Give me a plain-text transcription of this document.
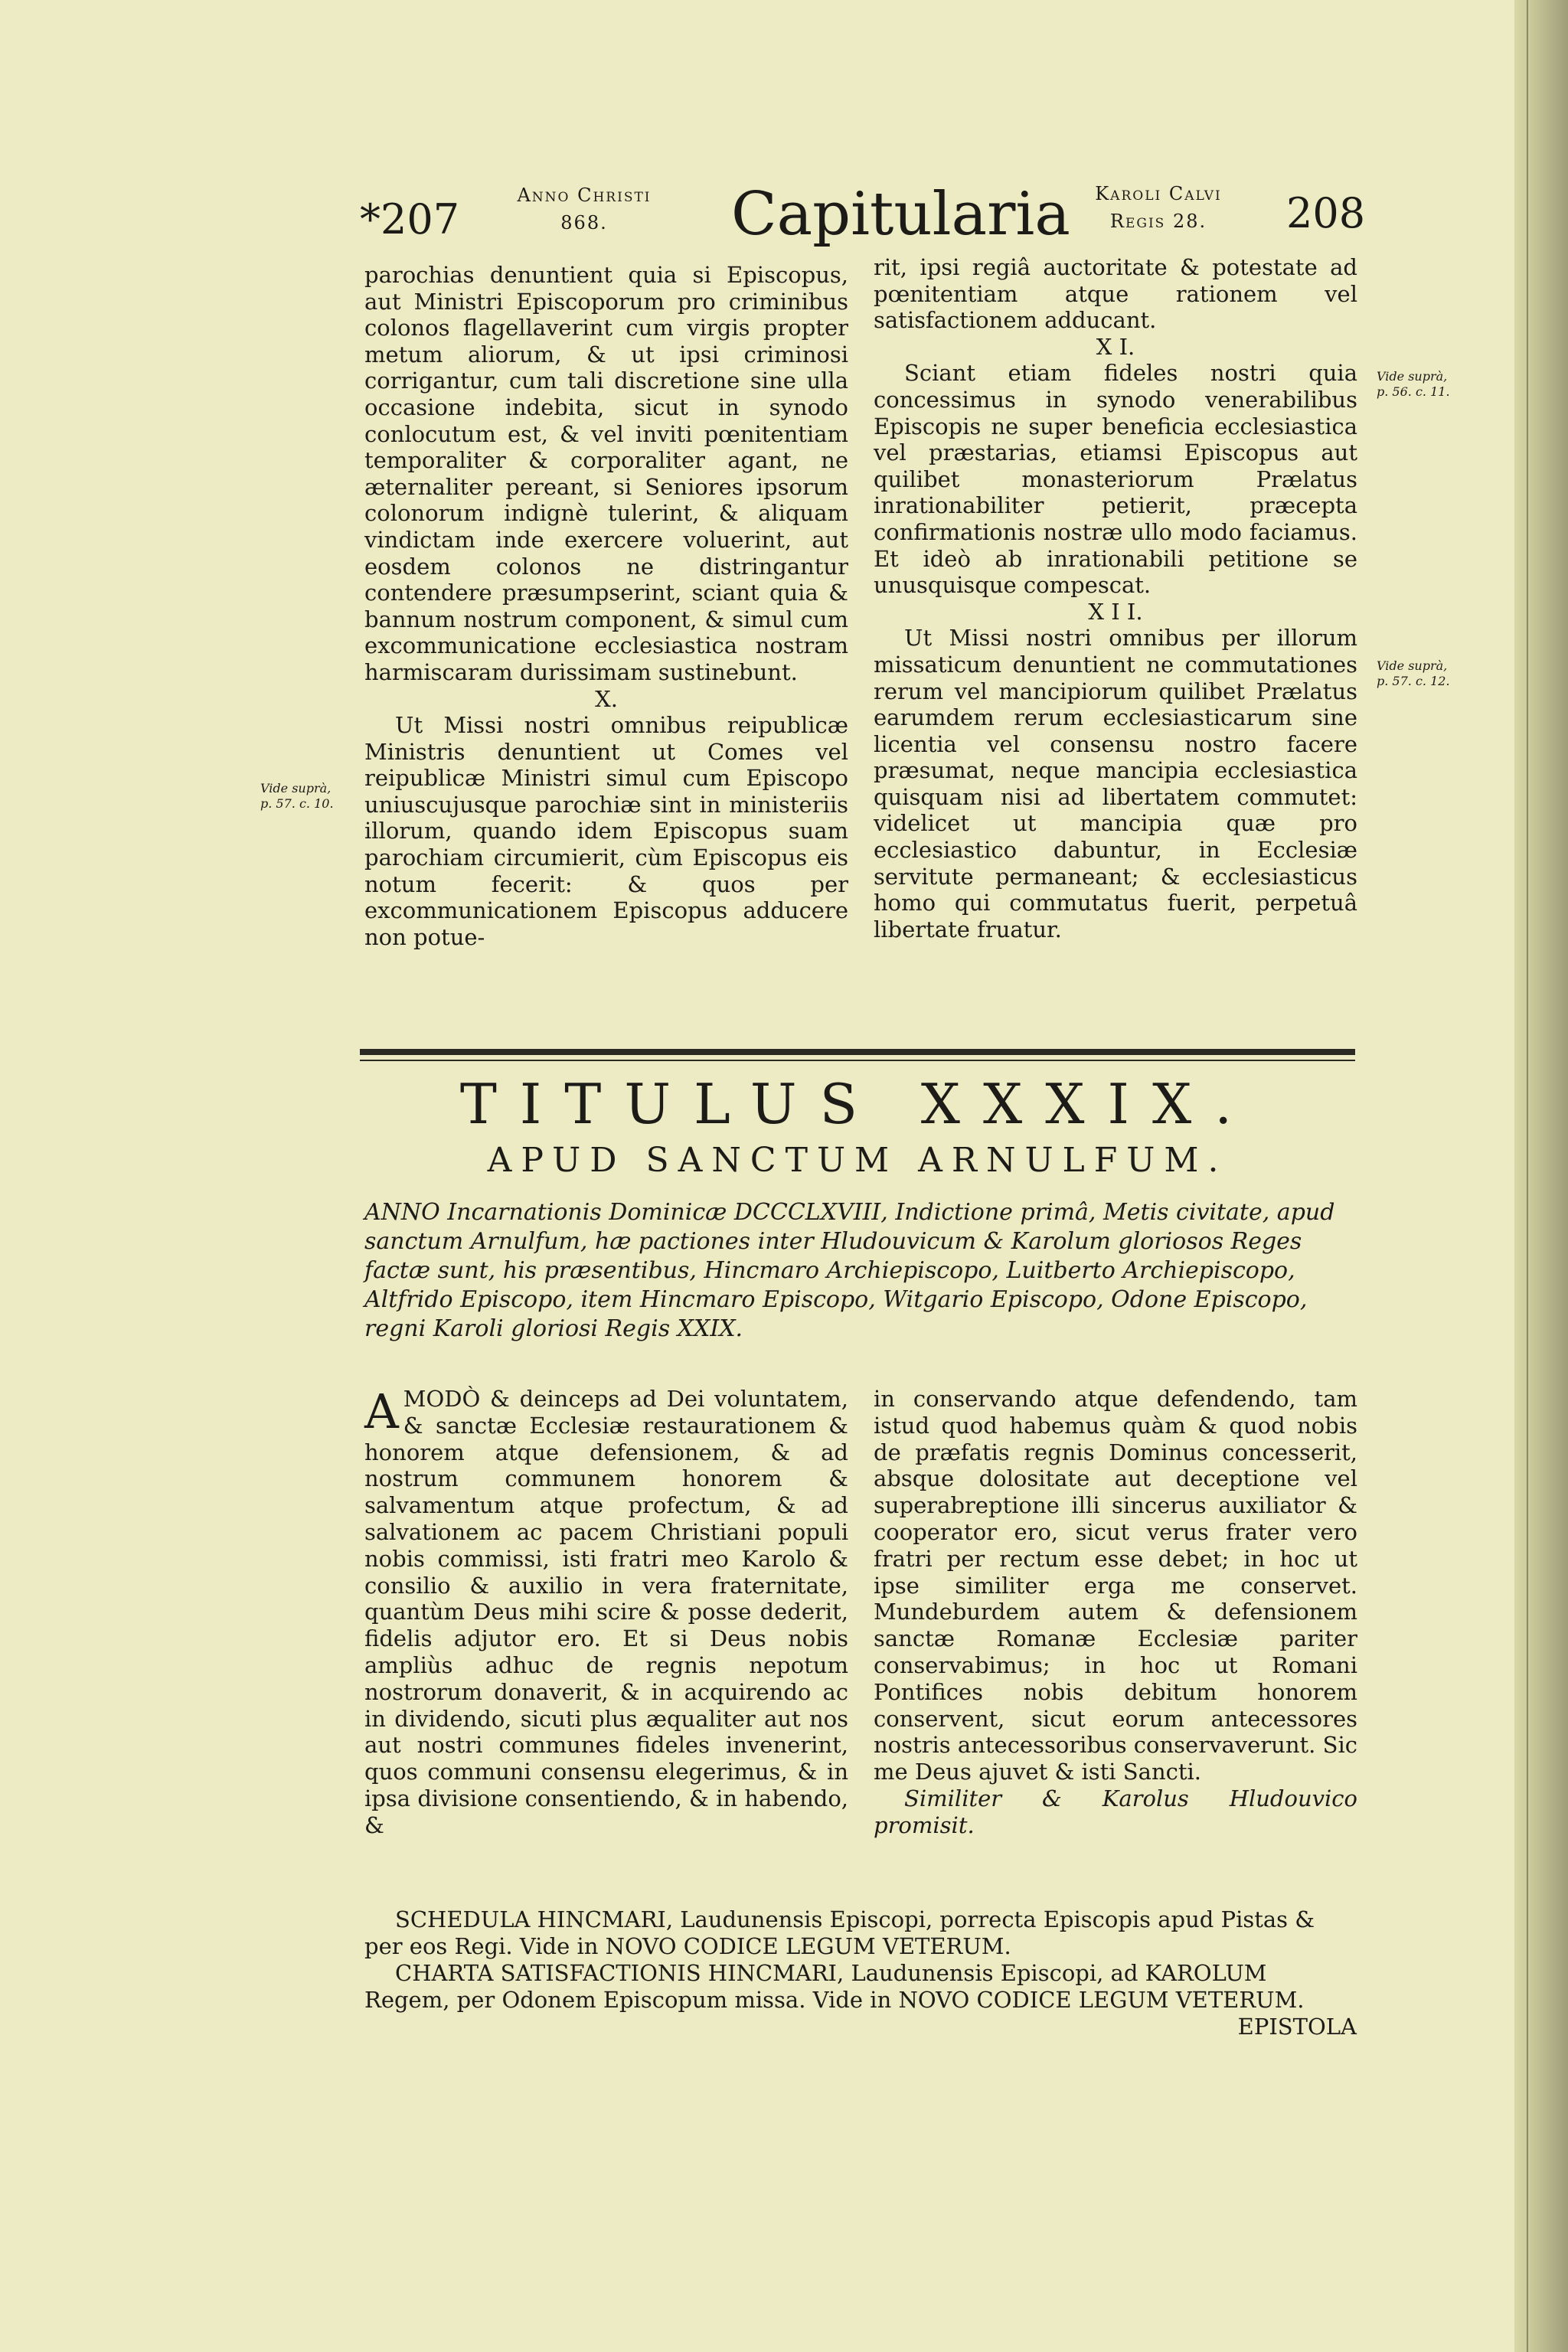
*207	Anno Christi
868.	Capitularia	Karoli Calvi
Regis 28.	208

parochias denuntient quia si Episcopus, aut Ministri Episcoporum pro criminibus colonos flagellaverint cum virgis propter metum aliorum, & ut ipsi criminosi corrigantur, cum tali discretione sine ulla occasione indebita, sicut in synodo conlocutum est, & vel inviti pœnitentiam temporaliter & corporaliter agant, ne æternaliter pereant, si Seniores ipsorum colonorum indignè tulerint, & aliquam vindictam inde exercere voluerint, aut eosdem colonos ne distringantur contendere præsumpserint, sciant quia & bannum nostrum component, & simul cum excommunicatione ecclesiastica nostram harmiscaram durissimam sustinebunt.

X.

Ut Missi nostri omnibus reipublicæ Ministris denuntient ut Comes vel reipublicæ Ministri simul cum Episcopo uniuscujusque parochiæ sint in ministeriis illorum, quando idem Episcopus suam parochiam circumierit, cùm Episcopus eis notum fecerit: & quos per excommunicationem Episcopus adducere non potue-

rit, ipsi regiâ auctoritate & potestate ad pœnitentiam atque rationem vel satisfactionem adducant.

X I.

Sciant etiam fideles nostri quia concessimus in synodo venerabilibus Episcopis ne super beneficia ecclesiastica vel præstarias, etiamsi Episcopus aut quilibet monasteriorum Prælatus inrationabiliter petierit, præcepta confirmationis nostræ ullo modo faciamus. Et ideò ab inrationabili petitione se unusquisque compescat.

X I I.

Ut Missi nostri omnibus per illorum missaticum denuntient ne commutationes rerum vel mancipiorum quilibet Prælatus earumdem rerum ecclesiasticarum sine licentia vel consensu nostro facere præsumat, neque mancipia ecclesiastica quisquam nisi ad libertatem commutet: videlicet ut mancipia quæ pro ecclesiastico dabuntur, in Ecclesiæ servitute permaneant; & ecclesiasticus homo qui commutatus fuerit, perpetuâ libertate fruatur.

Vide suprà,
p. 57. c. 10.
Vide suprà,
p. 56. c. 11.
Vide suprà,
p. 57. c. 12.
TITULUS XXXIX.
APUD SANCTUM ARNULFUM.
ANNO Incarnationis Dominicæ DCCCLXVIII, Indictione primâ, Metis civitate, apud sanctum Arnulfum, hæ pactiones inter Hludouvicum & Karolum gloriosos Reges factæ sunt, his præsentibus, Hincmaro Archiepiscopo, Luitberto Archiepiscopo, Altfrido Episcopo, item Hincmaro Episcopo, Witgario Episcopo, Odone Episcopo, regni Karoli gloriosi Regis XXIX.

AMODÒ & deinceps ad Dei voluntatem, & sanctæ Ecclesiæ restaurationem & honorem atque defensionem, & ad nostrum communem honorem & salvamentum atque profectum, & ad salvationem ac pacem Christiani populi nobis commissi, isti fratri meo Karolo & consilio & auxilio in vera fraternitate, quantùm Deus mihi scire & posse dederit, fidelis adjutor ero. Et si Deus nobis ampliùs adhuc de regnis nepotum nostrorum donaverit, & in acquirendo ac in dividendo, sicuti plus æqualiter aut nos aut nostri communes fideles invenerint, quos communi consensu elegerimus, & in ipsa divisione consentiendo, & in habendo, &

in conservando atque defendendo, tam istud quod habemus quàm & quod nobis de præfatis regnis Dominus concesserit, absque dolositate aut deceptione vel superabreptione illi sincerus auxiliator & cooperator ero, sicut verus frater vero fratri per rectum esse debet; in hoc ut ipse similiter erga me conservet. Mundeburdem autem & defensionem sanctæ Romanæ Ecclesiæ pariter conservabimus; in hoc ut Romani Pontifices nobis debitum honorem conservent, sicut eorum antecessores nostris antecessoribus conservaverunt. Sic me Deus ajuvet & isti Sancti.

Similiter & Karolus Hludouvico promisit.

SCHEDULA HINCMARI, Laudunensis Episcopi, porrecta Episcopis apud Pistas & per eos Regi. Vide in NOVO CODICE LEGUM VETERUM.

CHARTA SATISFACTIONIS HINCMARI, Laudunensis Episcopi, ad KAROLUM Regem, per Odonem Episcopum missa. Vide in NOVO CODICE LEGUM VETERUM.

EPISTOLA
